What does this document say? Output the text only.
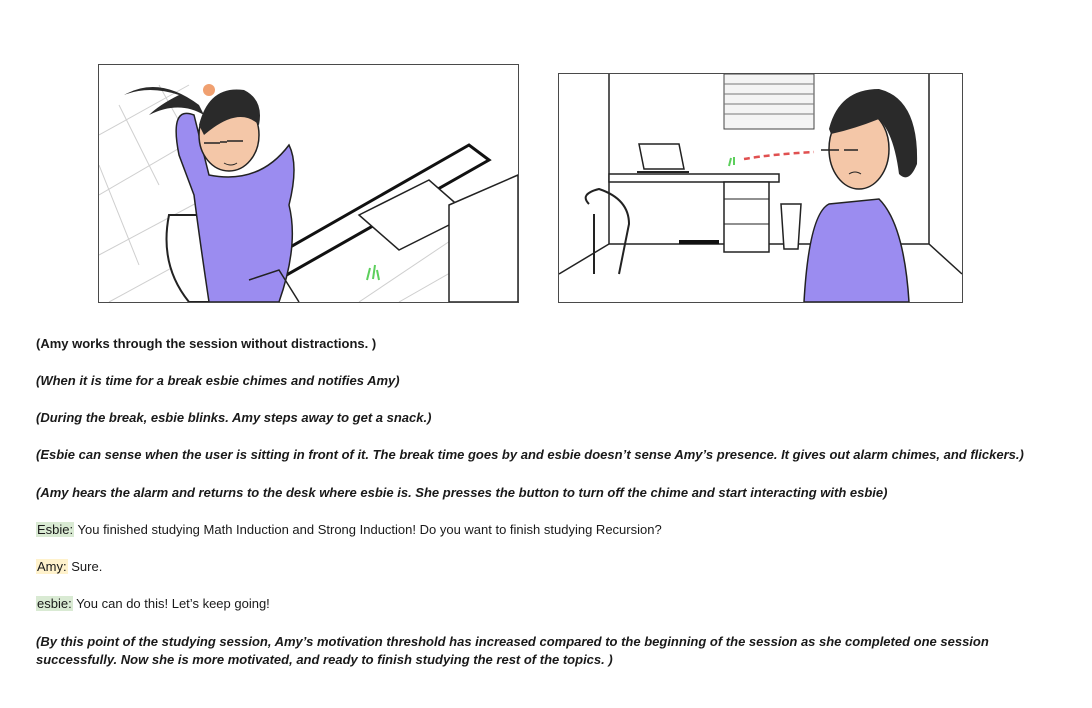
(Amy works through the session without distractions. )
(When it is time for a break esbie chimes and notifies Amy)
(During the break, esbie blinks. Amy steps away to get a snack.)
(Esbie can sense when the user is sitting in front of it. The break time goes by and esbie doesn’t sense Amy’s presence. It gives out alarm chimes, and flickers.)
(Amy hears the alarm and returns to the desk where esbie is. She presses the button to turn off the chime and start interacting with esbie)
Esbie: You finished studying Math Induction and Strong Induction! Do you want to finish studying Recursion?
Amy: Sure.
esbie: You can do this! Let’s keep going!
(By this point of the studying session, Amy’s motivation threshold has increased compared to the beginning of the session as she completed one session successfully. Now she is more motivated, and ready to finish studying the rest of the topics. )
